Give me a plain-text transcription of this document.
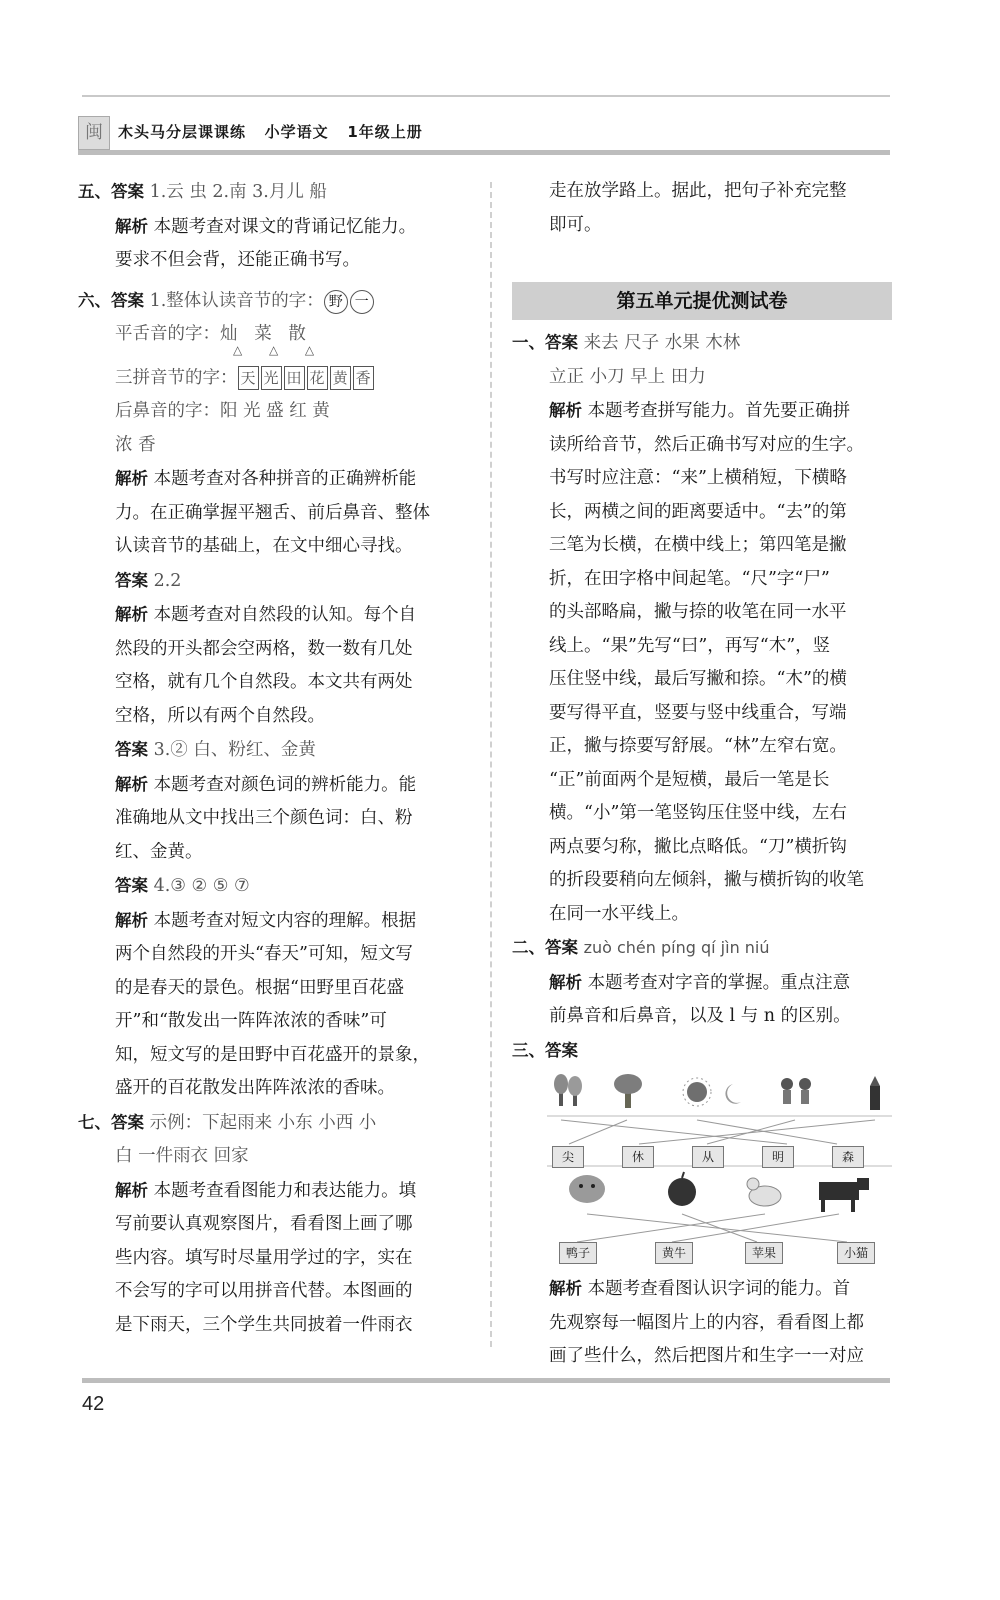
闽	木头马分层课课练   小学语文   1年级上册

五、答案 1.云 虫 2.南 3.月儿 船

解析 本题考查对课文的背诵记忆能力。

要求不但会背，还能正确书写。

六、答案 1.整体认读音节的字： 野 一

平舌音的字：灿 菜 散

△ △ △

三拼音节的字： 天 光 田 花 黄 香

后鼻音的字：阳 光 盛 红 黄

浓 香

解析 本题考查对各种拼音的正确辨析能

力。在正确掌握平翘舌、前后鼻音、整体

认读音节的基础上，在文中细心寻找。

答案 2.2

解析 本题考查对自然段的认知。每个自

然段的开头都会空两格，数一数有几处

空格，就有几个自然段。本文共有两处

空格，所以有两个自然段。

答案 3.② 白、粉红、金黄

解析 本题考查对颜色词的辨析能力。能

准确地从文中找出三个颜色词：白、粉

红、金黄。

答案 4.③ ② ⑤ ⑦

解析 本题考查对短文内容的理解。根据

两个自然段的开头“春天”可知，短文写

的是春天的景色。根据“田野里百花盛

开”和“散发出一阵阵浓浓的香味”可

知，短文写的是田野中百花盛开的景象，

盛开的百花散发出阵阵浓浓的香味。

七、答案 示例：下起雨来 小东 小西 小

白 一件雨衣 回家

解析 本题考查看图能力和表达能力。填

写前要认真观察图片，看看图上画了哪

些内容。填写时尽量用学过的字，实在

不会写的字可以用拼音代替。本图画的

是下雨天，三个学生共同披着一件雨衣

走在放学路上。据此，把句子补充完整

即可。

第五单元提优测试卷

一、答案 来去 尺子 水果 木林

立正 小刀 早上 田力

解析 本题考查拼写能力。首先要正确拼

读所给音节，然后正确书写对应的生字。

书写时应注意：“来”上横稍短，下横略

长，两横之间的距离要适中。“去”的第

三笔为长横，在横中线上；第四笔是撇

折，在田字格中间起笔。“尺”字“尸”

的头部略扁，撇与捺的收笔在同一水平

线上。“果”先写“曰”，再写“木”，竖

压住竖中线，最后写撇和捺。“木”的横

要写得平直，竖要与竖中线重合，写端

正，撇与捺要写舒展。“林”左窄右宽。

“正”前面两个是短横，最后一笔是长

横。“小”第一笔竖钩压住竖中线，左右

两点要匀称，撇比点略低。“刀”横折钩

的折段要稍向左倾斜，撇与横折钩的收笔

在同一水平线上。

二、答案 zuò chén píng qí jìn niú

解析 本题考查对字音的掌握。重点注意

前鼻音和后鼻音，以及 l 与 n 的区别。

三、答案

尖	休	从	明	森
鸭子	黄牛	苹果	小猫

解析 本题考查看图认识字词的能力。首

先观察每一幅图片上的内容，看看图上都

画了些什么，然后把图片和生字一一对应

42
